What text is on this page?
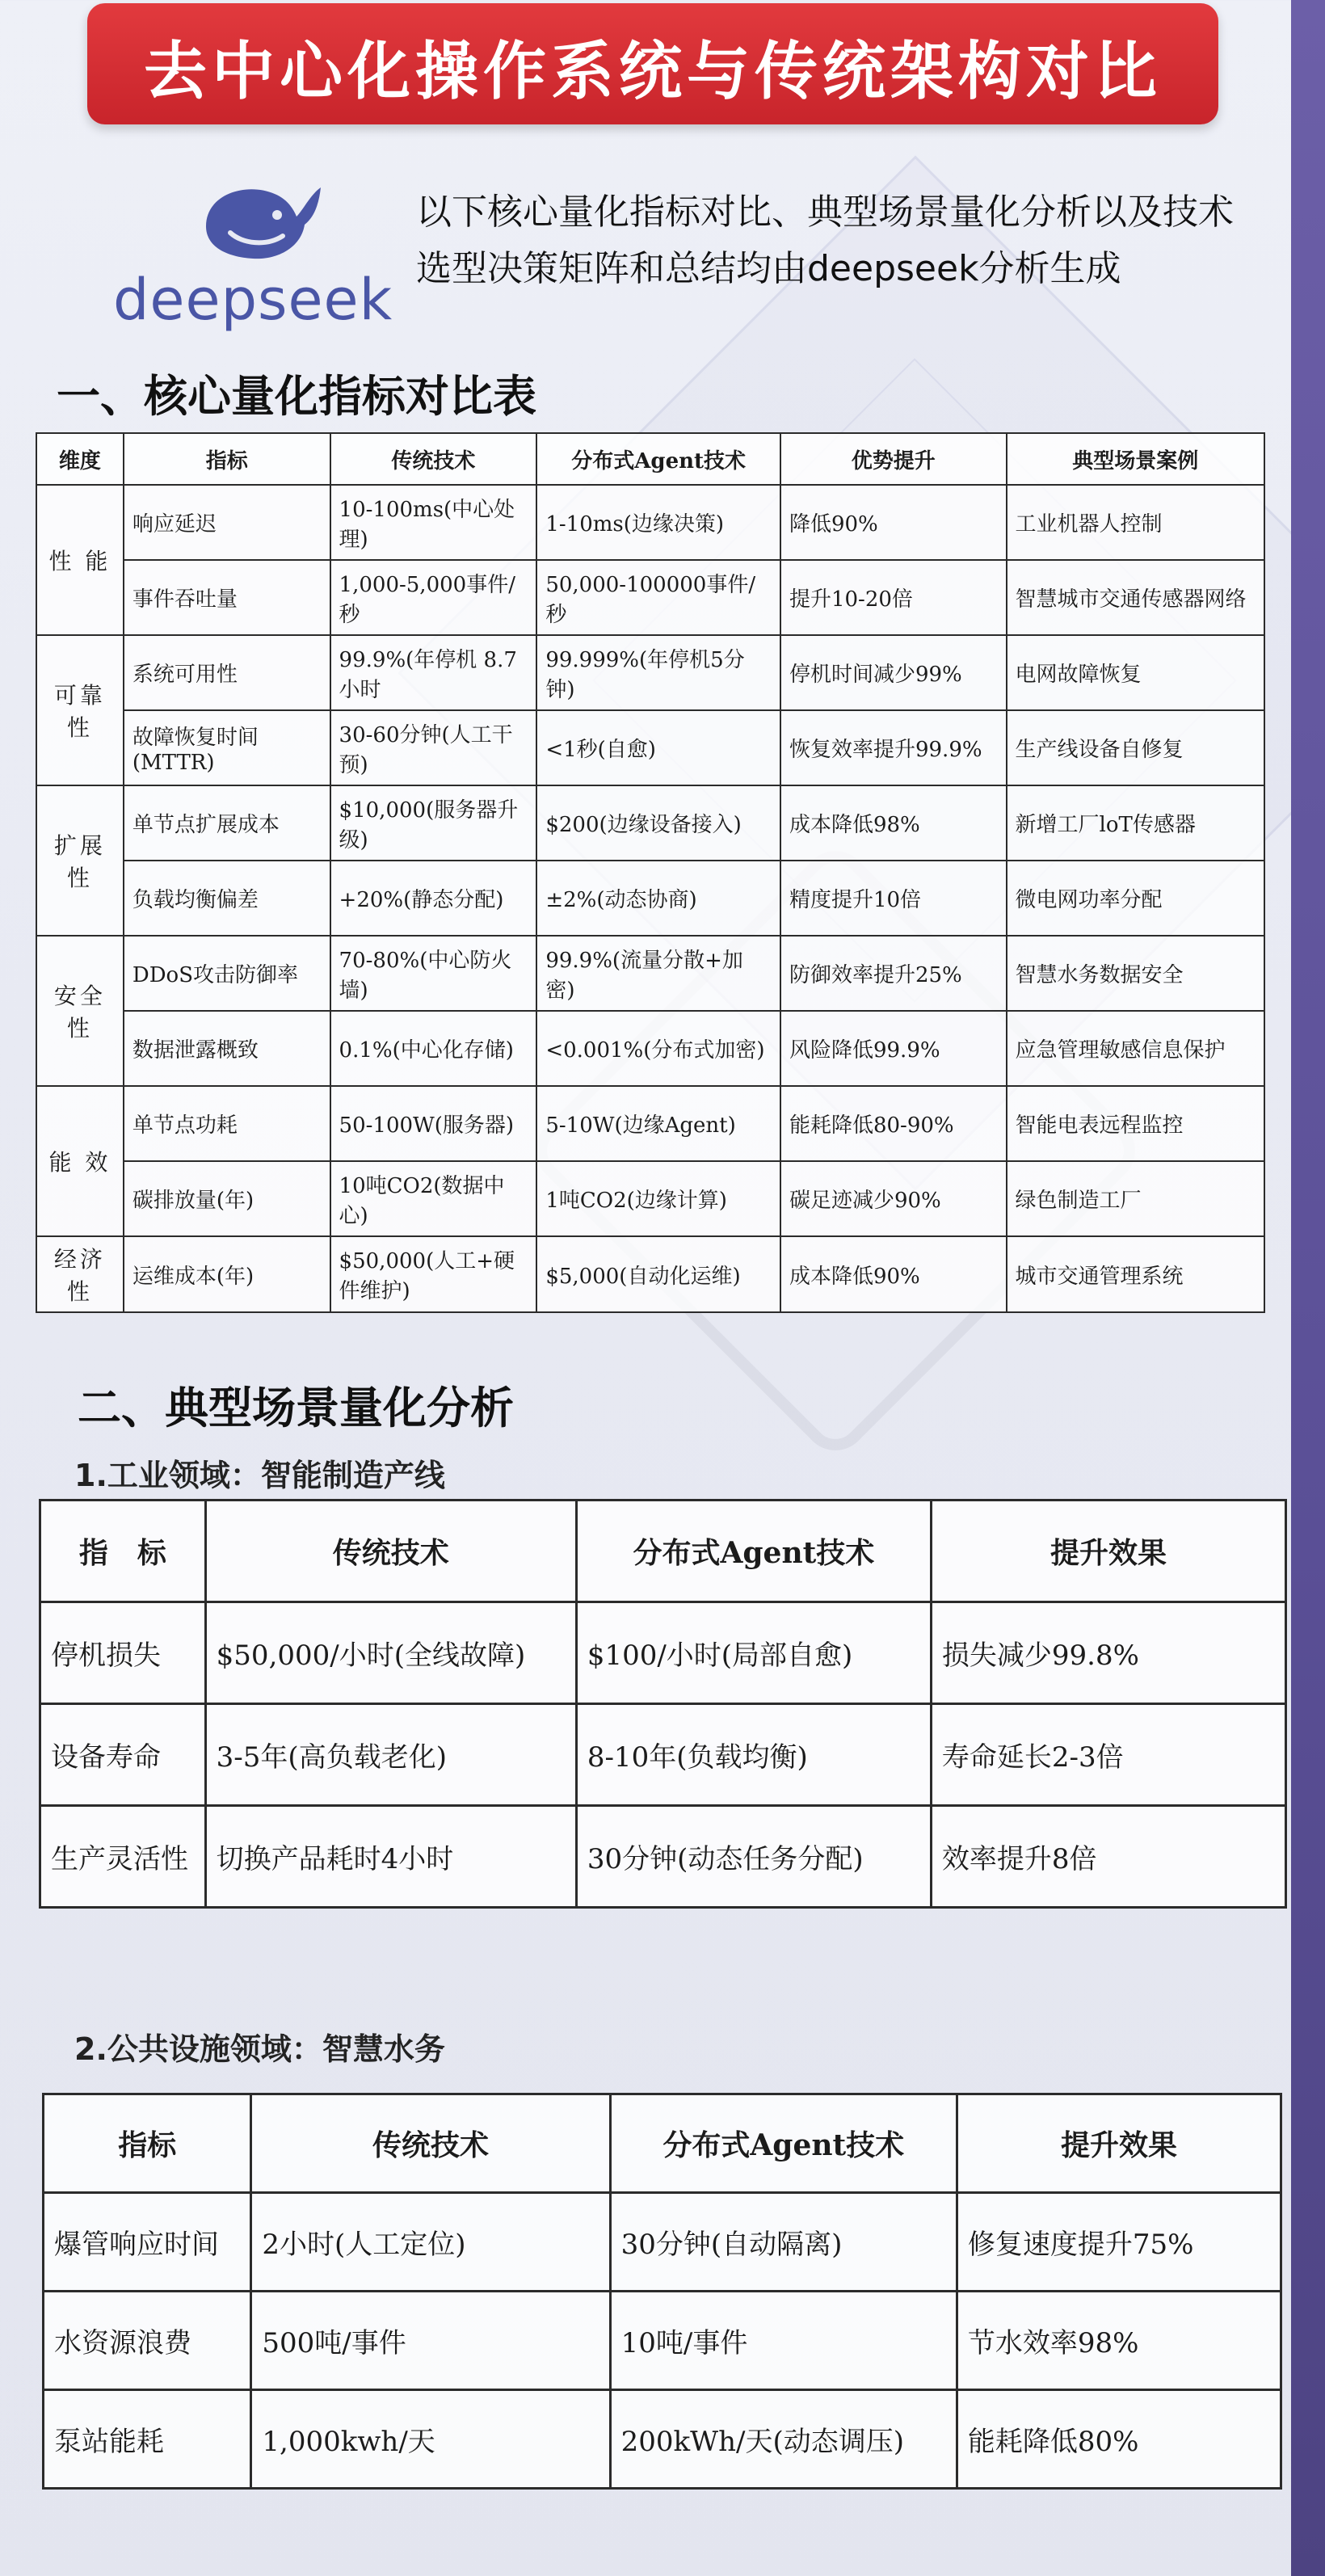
去中心化操作系统与传统架构对比
deepseek
以下核心量化指标对比、典型场景量化分析以及技术选型决策矩阵和总结均由deepseek分析生成
一、核心量化指标对比表
维度	指标	传统技术	分布式Agent技术	优势提升	典型场景案例
性 能	响应延迟	10-100ms(中心处理)	1-10ms(边缘决策)	降低90%	工业机器人控制
	事件吞吐量	1,000-5,000事件/秒	50,000-100000事件/秒	提升10-20倍	智慧城市交通传感器网络
可靠性	系统可用性	99.9%(年停机 8.7小时	99.999%(年停机5分钟)	停机时间减少99%	电网故障恢复
	故障恢复时间(MTTR)	30-60分钟(人工干预)	<1秒(自愈)	恢复效率提升99.9%	生产线设备自修复
扩展性	单节点扩展成本	$10,000(服务器升级)	$200(边缘设备接入)	成本降低98%	新增工厂loT传感器
	负载均衡偏差	+20%(静态分配)	±2%(动态协商)	精度提升10倍	微电网功率分配
安全性	DDoS攻击防御率	70-80%(中心防火墙)	99.9%(流量分散+加密)	防御效率提升25%	智慧水务数据安全
	数据泄露概致	0.1%(中心化存储)	<0.001%(分布式加密)	风险降低99.9%	应急管理敏感信息保护
能 效	单节点功耗	50-100W(服务器)	5-10W(边缘Agent)	能耗降低80-90%	智能电表远程监控
	碳排放量(年)	10吨CO2(数据中心)	1吨CO2(边缘计算)	碳足迹减少90%	绿色制造工厂
经济性	运维成本(年)	$50,000(人工+硬件维护)	$5,000(自动化运维)	成本降低90%	城市交通管理系统
二、典型场景量化分析
1.工业领域：智能制造产线
指　标	传统技术	分布式Agent技术	提升效果
停机损失	$50,000/小时(全线故障)	$100/小时(局部自愈)	损失减少99.8%
设备寿命	3-5年(高负载老化)	8-10年(负载均衡)	寿命延长2-3倍
生产灵活性	切换产品耗时4小时	30分钟(动态任务分配)	效率提升8倍
2.公共设施领域：智慧水务
指标	传统技术	分布式Agent技术	提升效果
爆管响应时间	2小时(人工定位)	30分钟(自动隔离)	修复速度提升75%
水资源浪费	500吨/事件	10吨/事件	节水效率98%
泵站能耗	1,000kwh/天	200kWh/天(动态调压)	能耗降低80%
